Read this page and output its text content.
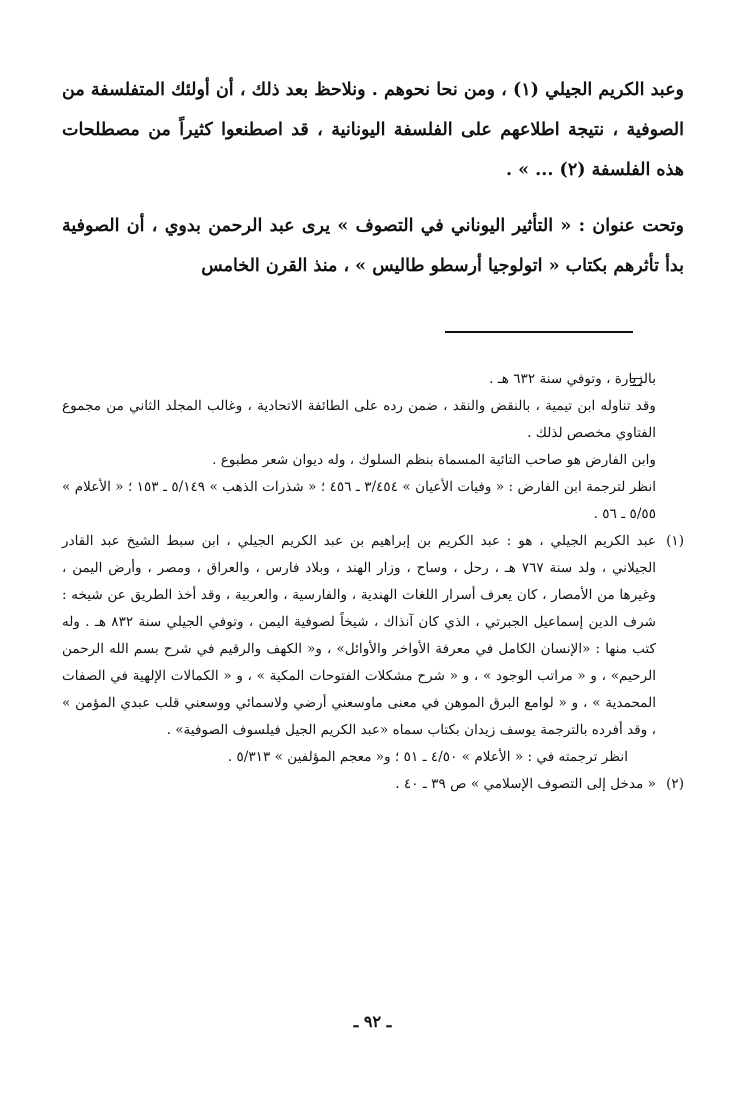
وعبد الكريم الجيلي (١) ، ومن نحا نحوهم . ونلاحظ بعد ذلك ، أن أولئك المتفلسفة من الصوفية ، نتيجة اطلاعهم على الفلسفة اليونانية ، قد اصطنعوا كثيراً من مصطلحات هذه الفلسفة (٢) ... » .

وتحت عنوان : « التأثير اليوناني في التصوف » يرى عبد الرحمن بدوي ، أن الصوفية بدأ تأثرهم بكتاب « اتولوجيا أرسطو طاليس » ، منذ القرن الخامس

بالزيارة ، وتوفي سنة ٦٣٢ هـ .

وقد تناوله ابن تيمية ، بالنقض والنقد ، ضمن رده على الطائفة الاتحادية ، وغالب المجلد الثاني من مجموع الفتاوي مخصص لذلك .

وابن الفارض هو صاحب التائية المسماة بنظم السلوك ، وله ديوان شعر مطبوع .

انظر لترجمة ابن الفارض : « وفيات الأعيان » ٣/٤٥٤ ـ ٤٥٦ ؛ « شذرات الذهب » ٥/١٤٩ ـ ١٥٣ ؛ « الأعلام » ٥/٥٥ ـ ٥٦ .

(١)

عبد الكريم الجيلي ، هو : عبد الكريم بن إبراهيم بن عبد الكريم الجيلي ، ابن سبط الشيخ عبد القادر الجيلاني ، ولد سنة ٧٦٧ هـ ، رحل ، وساح ، وزار الهند ، وبلاد فارس ، والعراق ، ومصر ، وأرض اليمن ، وغيرها من الأمصار ، كان يعرف أسرار اللغات الهندية ، والفارسية ، والعربية ، وقد أخذ الطريق عن شيخه : شرف الدين إسماعيل الجبرتي ، الذي كان آنذاك ، شيخاً لصوفية اليمن ، وتوفي الجيلي سنة ٨٣٢ هـ . وله كتب منها : «الإنسان الكامل في معرفة الأواخر والأوائل» ، و« الكهف والرقيم في شرح بسم الله الرحمن الرحيم» ، و « مراتب الوجود » ، و « شرح مشكلات الفتوحات المكية » ، و « الكمالات الإلهية في الصفات المحمدية » ، و « لوامع البرق الموهن في معنى ماوسعني أرضي ولاسمائي ووسعني قلب عبدي المؤمن » ، وقد أفرده بالترجمة يوسف زيدان بكتاب سماه «عبد الكريم الجيل فيلسوف الصوفية» .

انظر ترجمته في : « الأعلام » ٤/٥٠ ـ ٥١ ؛ و« معجم المؤلفين » ٥/٣١٣ .

(٢)

« مدخل إلى التصوف الإسلامي » ص ٣٩ ـ ٤٠ .

ـ ٩٢ ـ
